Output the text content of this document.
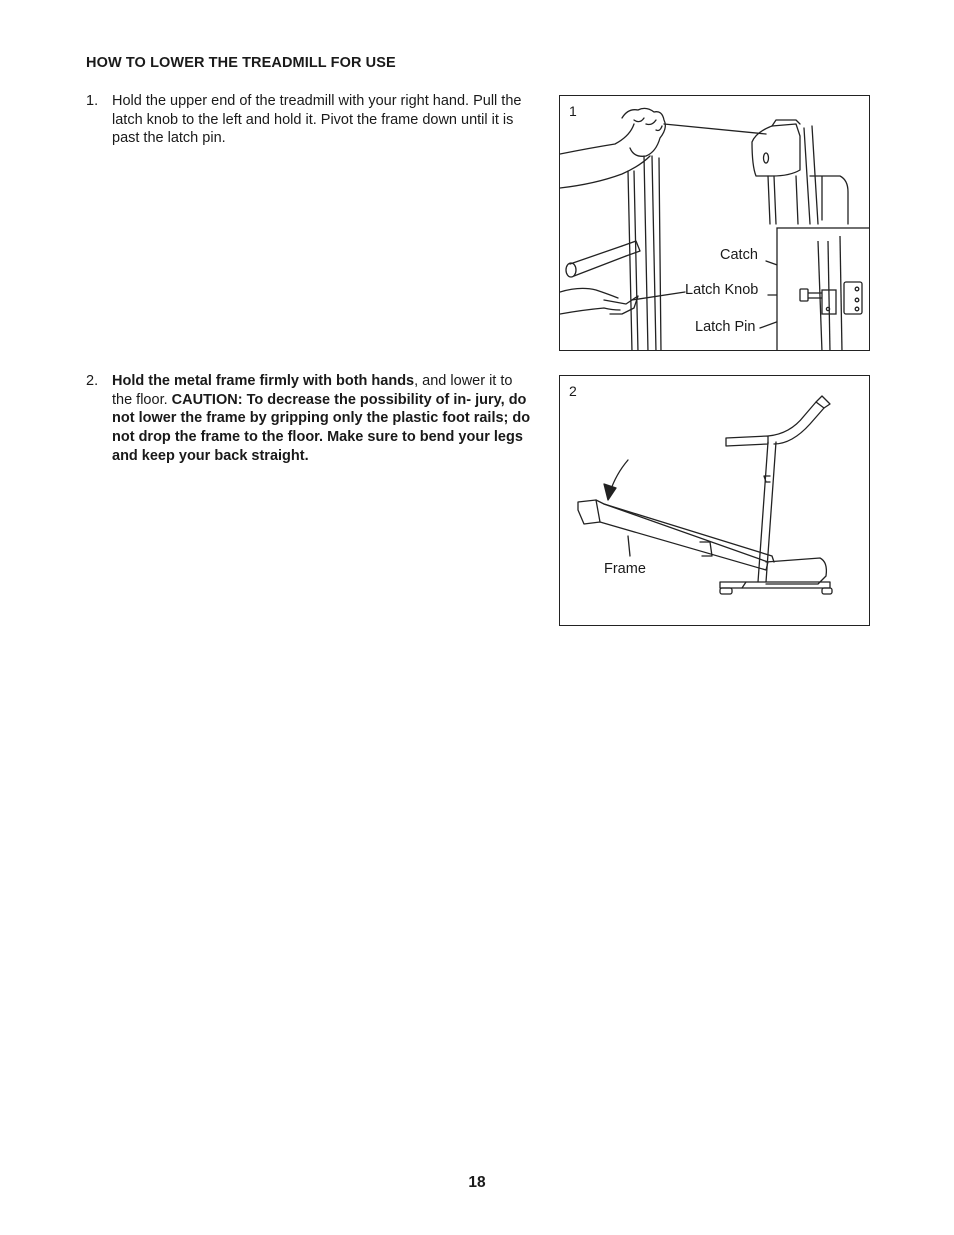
HOW TO LOWER THE TREADMILL FOR USE
1. Hold the upper end of the treadmill with your right hand. Pull the latch knob to the left and hold it. Pivot the frame down until it is past the latch pin.
2. Hold the metal frame firmly with both hands, and lower it to the floor. CAUTION: To decrease the possibility of in- jury, do not lower the frame by gripping only the plastic foot rails; do not drop the frame to the floor. Make sure to bend your legs and keep your back straight.
1
Catch
Latch Knob
Latch Pin
2
Frame
18
